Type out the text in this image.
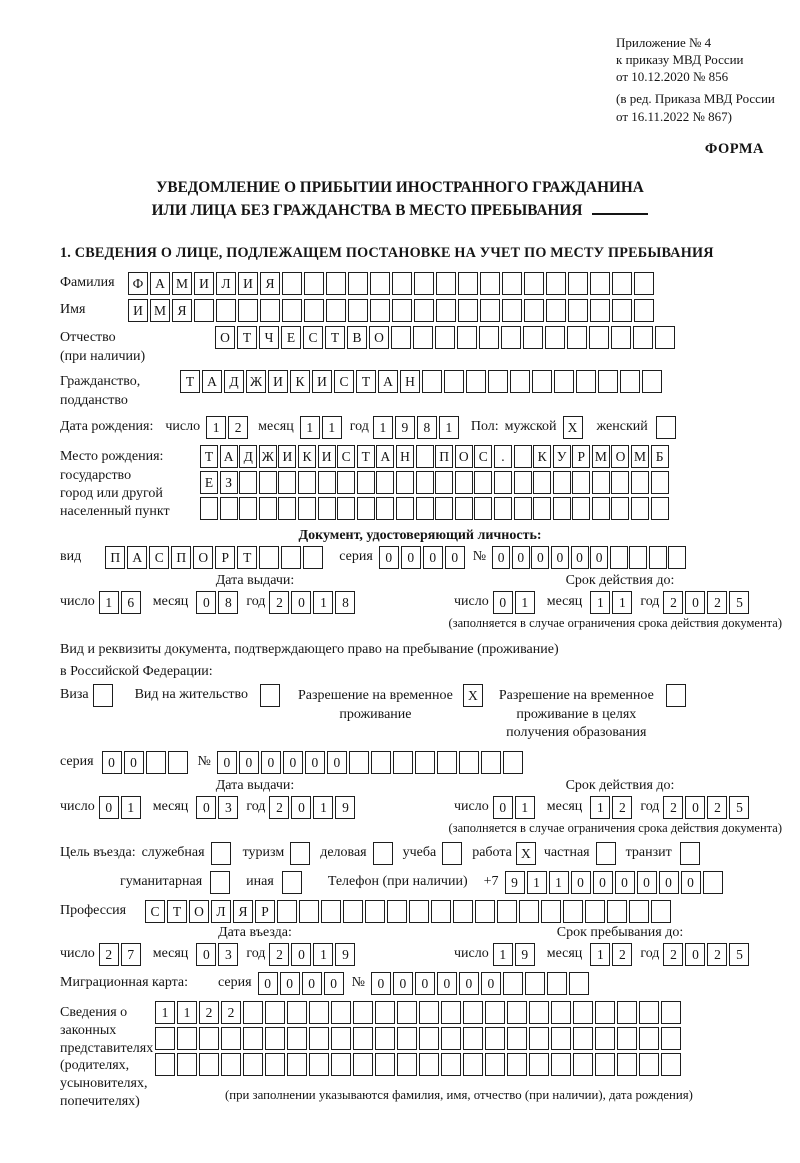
Приложение № 4
к приказу МВД России
от 10.12.2020 № 856
(в ред. Приказа МВД России
от 16.11.2022 № 867)
ФОРМА
УВЕДОМЛЕНИЕ О ПРИБЫТИИ ИНОСТРАННОГО ГРАЖДАНИНА
ИЛИ ЛИЦА БЕЗ ГРАЖДАНСТВА В МЕСТО ПРЕБЫВАНИЯ
1. СВЕДЕНИЯ О ЛИЦЕ, ПОДЛЕЖАЩЕМ ПОСТАНОВКЕ НА УЧЕТ ПО МЕСТУ ПРЕБЫВАНИЯ
Фамилия	Ф А М И Л И Я
Имя	И М Я
Отчество
(при наличии)
О Т Ч Е С Т В О
Гражданство,
подданство
Т А Д Ж И К И С Т А Н
Дата рождения: число 1	2	месяц 1	1	год 1	9	8	1	Пол: мужской X	женский
Место рождения:
государство
город или другой
населенный пункт
Т А Д Ж И К И С Т А Н	П О С .	К У Р М О М Б
Е З
Документ, удостоверяющий личность:
вид	П А С П О Р	Т	серия 0	0	0	0	№ 0 0 0 0 0 0
Дата выдачи:
число 1	6	месяц	0	8	год 2	0	1	8
Срок действия до:
число 0	1	месяц	1	1	год 2	0	2	5
(заполняется в случае ограничения срока действия документа)
Вид и реквизиты документа, подтверждающего право на пребывание (проживание)
в Российской Федерации:
Виза	Вид на жительство	Разрешение на временное
проживание
X	Разрешение на временное
проживание в целях
получения образования
серия	0	0	№ 0	0	0	0	0	0
Дата выдачи:
число 0	1	месяц	0	3	год 2	0	1	9
Срок действия до:
число 0	1	месяц	1	2	год 2	0	2	5
(заполняется в случае ограничения срока действия документа)
Цель въезда: служебная	туризм	деловая	учеба	работа X частная	транзит
гуманитарная	иная	Телефон (при наличии) +7 9	1	1	0	0	0	0	0	0
Профессия	С Т О Л Я	Р
Дата въезда:
число 2	7	месяц	0	3	год 2	0	1	9
Срок пребывания до:
число 1	9	месяц	1	2	год 2	0	2	5
Миграционная карта: серия 0	0	0	0	№ 0	0	0	0	0	0
Сведения о
законных
представителях
(родителях,
усыновителях,
попечителях)
1	1	2	2
(при заполнении указываются фамилия, имя, отчество (при наличии), дата рождения)
